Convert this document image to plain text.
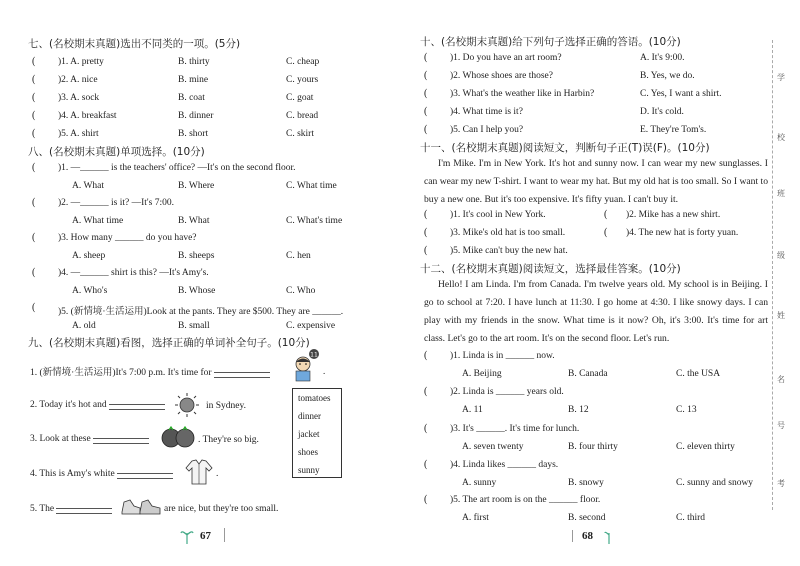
七、(名校期末真题)选出不同类的一项。(5分)
( )1. A. pretty	B. thirty	C. cheap
( )2. A. nice	B. mine	C. yours
( )3. A. sock	B. coat	C. goat
( )4. A. breakfast	B. dinner	C. bread
( )5. A. shirt	B. short	C. skirt
八、(名校期末真题)单项选择。(10分)
( )1. —______ is the teachers' office? —It's on the second floor.
A. What	B. Where	C. What time
( )2. —______ is it? —It's 7:00.
A. What time	B. What	C. What's time
( )3. How many ______ do you have?
A. sheep	B. sheeps	C. hen
( )4. —______ shirt is this? —It's Amy's.
A. Who's	B. Whose	C. Who
( )5. (新情境·生活运用)Look at the pants. They are $500. They are ______.
A. old	B. small	C. expensive
九、(名校期末真题)看图，选择正确的单词补全句子。(10分)
1. (新情境·生活运用)It's 7:00 p.m. It's time for
11
.
tomatoes
dinner
jacket
shoes
sunny
2. Today it's hot and	in Sydney.
3. Look at these	. They're so big.
4. This is Amy's white	.
5. The	are nice, but they're too small.
67
十、(名校期末真题)给下列句子选择正确的答语。(10分)
( )1. Do you have an art room?	A. It's 9:00.
( )2. Whose shoes are those?	B. Yes, we do.
( )3. What's the weather like in Harbin?	C. Yes, I want a shirt.
( )4. What time is it?	D. It's cold.
( )5. Can I help you?	E. They're Tom's.
十一、(名校期末真题)阅读短文，判断句子正(T)误(F)。(10分)
I'm Mike. I'm in New York. It's hot and sunny now. I can wear my new sunglasses. I can wear my new T-shirt. I want to wear my hat. But my old hat is too small. So I want to buy a new one. But it's too expensive. It's fifty yuan. I can't buy it.
( )1. It's cool in New York.	( )2. Mike has a new shirt.
( )3. Mike's old hat is too small.	( )4. The new hat is forty yuan.
( )5. Mike can't buy the new hat.
十二、(名校期末真题)阅读短文，选择最佳答案。(10分)
Hello! I am Linda. I'm from Canada. I'm twelve years old. My school is in Beijing. I go to school at 7:20. I have lunch at 11:30. I go home at 4:30. I like snowy days. I can play with my friends in the snow. What time is it now? Oh, it's 3:00. It's time for art class. Let's go to the art room. It's on the second floor. Let's run.
( )1. Linda is in ______ now.
A. Beijing	B. Canada	C. the USA
( )2. Linda is ______ years old.
A. 11	B. 12	C. 13
( )3. It's ______. It's time for lunch.
A. seven twenty	B. four thirty	C. eleven thirty
( )4. Linda likes ______ days.
A. sunny	B. snowy	C. sunny and snowy
( )5. The art room is on the ______ floor.
A. first	B. second	C. third
68
学
校
班
级
姓
名
号
考
